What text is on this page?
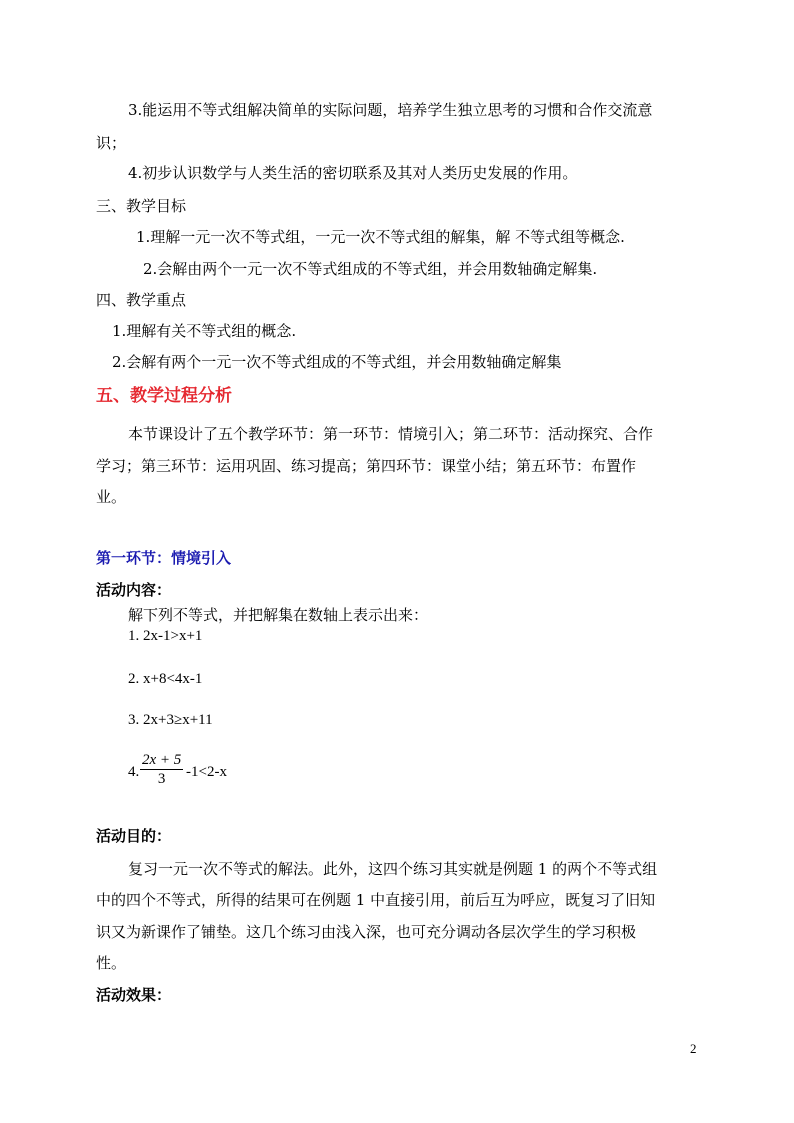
3.能运用不等式组解决简单的实际问题，培养学生独立思考的习惯和合作交流意
识；
4.初步认识数学与人类生活的密切联系及其对人类历史发展的作用。
三、教学目标
1.理解一元一次不等式组，一元一次不等式组的解集，解 不等式组等概念.
2.会解由两个一元一次不等式组成的不等式组，并会用数轴确定解集.
四、教学重点
1.理解有关不等式组的概念.
2.会解有两个一元一次不等式组成的不等式组，并会用数轴确定解集
五、教学过程分析
本节课设计了五个教学环节：第一环节：情境引入；第二环节：活动探究、合作
学习；第三环节：运用巩固、练习提高；第四环节：课堂小结；第五环节：布置作
业。
第一环节：情境引入
活动内容：
解下列不等式，并把解集在数轴上表示出来：
1. 2x-1>x+1
2. x+8<4x-1
3. 2x+3≥x+11
4.
2x + 5
3	-1<2-x
活动目的：
复习一元一次不等式的解法。此外，这四个练习其实就是例题 1 的两个不等式组
中的四个不等式，所得的结果可在例题 1 中直接引用，前后互为呼应，既复习了旧知
识又为新课作了铺垫。这几个练习由浅入深，也可充分调动各层次学生的学习积极
性。
活动效果：
2
